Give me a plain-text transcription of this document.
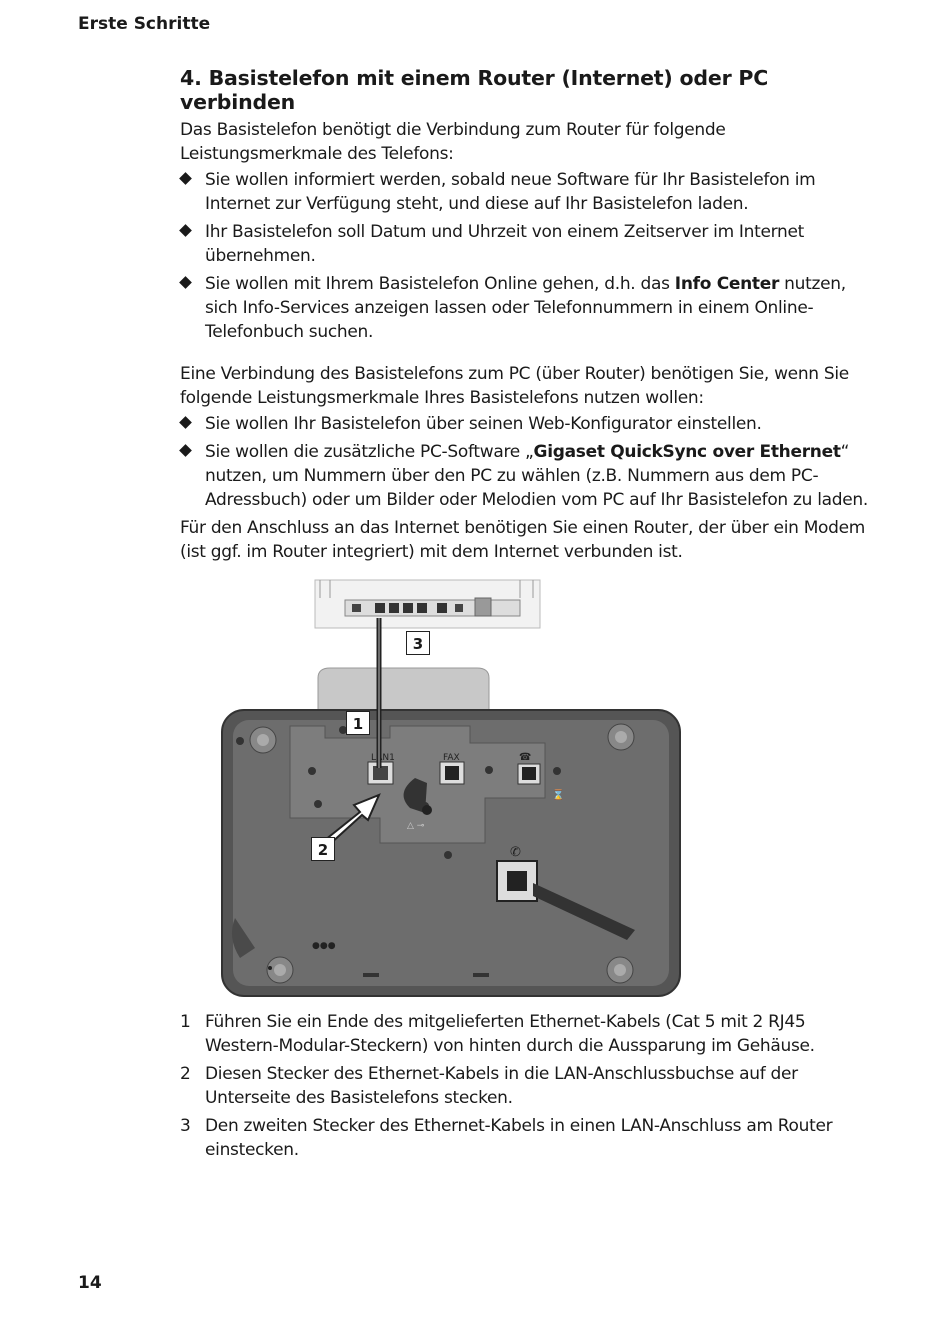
Erste Schritte
4. Basistelefon mit einem Router (Internet) oder PC verbinden

Das Basistelefon benötigt die Verbindung zum Router für folgende Leistungsmerkmale des Telefons:

Sie wollen informiert werden, sobald neue Software für Ihr Basistelefon im Internet zur Verfügung steht, und diese auf Ihr Basistelefon laden.
Ihr Basistelefon soll Datum und Uhrzeit von einem Zeitserver im Internet übernehmen.
Sie wollen mit Ihrem Basistelefon Online gehen, d.h. das Info Center nutzen, sich Info-Services anzeigen lassen oder Telefonnummern in einem Online-Telefonbuch suchen.

Eine Verbindung des Basistelefons zum PC (über Router) benötigen Sie, wenn Sie folgende Leistungsmerkmale Ihres Basistelefons nutzen wollen:

Sie wollen Ihr Basistelefon über seinen Web-Konfigurator einstellen.
Sie wollen die zusätzliche PC-Software „Gigaset QuickSync over Ethernet“ nutzen, um Nummern über den PC zu wählen (z.B. Nummern aus dem PC-Adressbuch) oder um Bilder oder Melodien vom PC auf Ihr Basistelefon zu laden.

Für den Anschluss an das Internet benötigen Sie einen Router, der über ein Modem (ist ggf. im Router integriert) mit dem Internet verbunden ist.

△ ⊸
LAN1	FAX	☎
⌛
✆
●●●
3
1
2
1 Führen Sie ein Ende des mitgelieferten Ethernet-Kabels (Cat 5 mit 2 RJ45 Western-Modular-Steckern) von hinten durch die Aussparung im Gehäuse.
2 Diesen Stecker des Ethernet-Kabels in die LAN-Anschlussbuchse auf der Unterseite des Basistelefons stecken.
3 Den zweiten Stecker des Ethernet-Kabels in einen LAN-Anschluss am Router einstecken.
14
